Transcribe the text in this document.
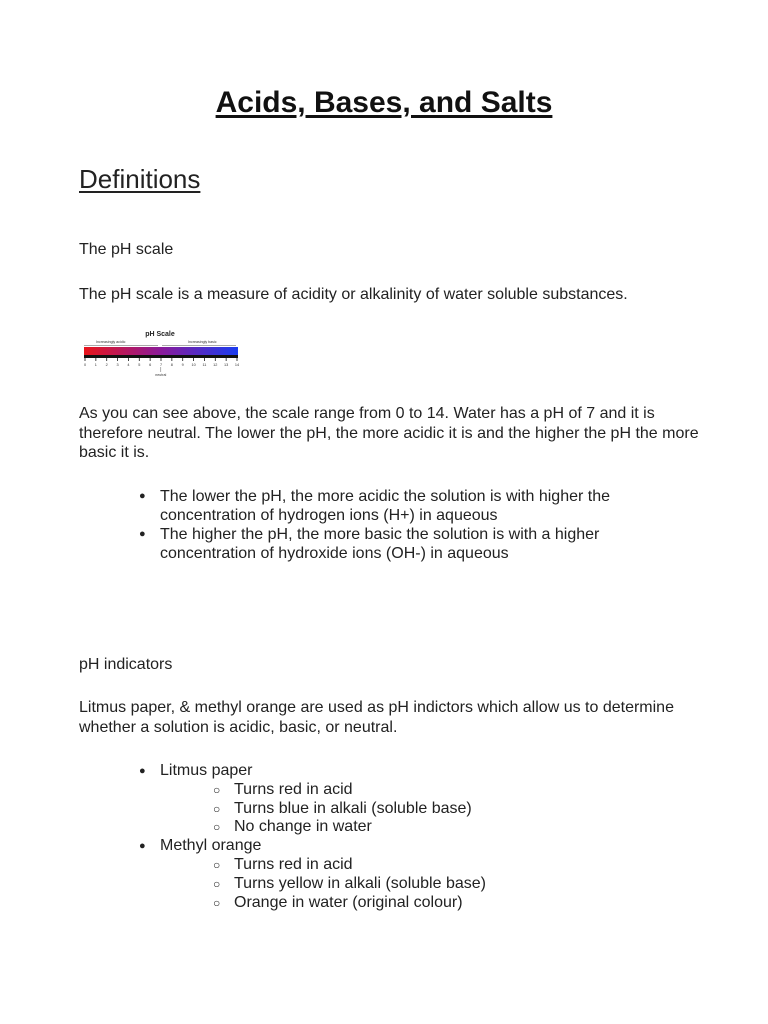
Acids, Bases, and Salts
Definitions

The pH scale

The pH scale is a measure of acidity or alkalinity of water soluble substances.

pH Scale
Increasingly acidic	Increasingly basic
0 1 2 3 4 5 6 7 8 9 10 11 12 13 14
neutral

As you can see above, the scale range from 0 to 14. Water has a pH of 7 and it is therefore neutral. The lower the pH, the more acidic it is and the higher the pH the more basic it is.

● The lower the pH, the more acidic the solution is with higher the concentration of hydrogen ions (H+) in aqueous
● The higher the pH, the more basic the solution is with a higher concentration of hydroxide ions (OH-) in aqueous

pH indicators

Litmus paper, & methyl orange are used as pH indictors which allow us to determine whether a solution is acidic, basic, or neutral.

● Litmus paper
○ Turns red in acid
○ Turns blue in alkali (soluble base)
○ No change in water
● Methyl orange
○ Turns red in acid
○ Turns yellow in alkali (soluble base)
○ Orange in water (original colour)
